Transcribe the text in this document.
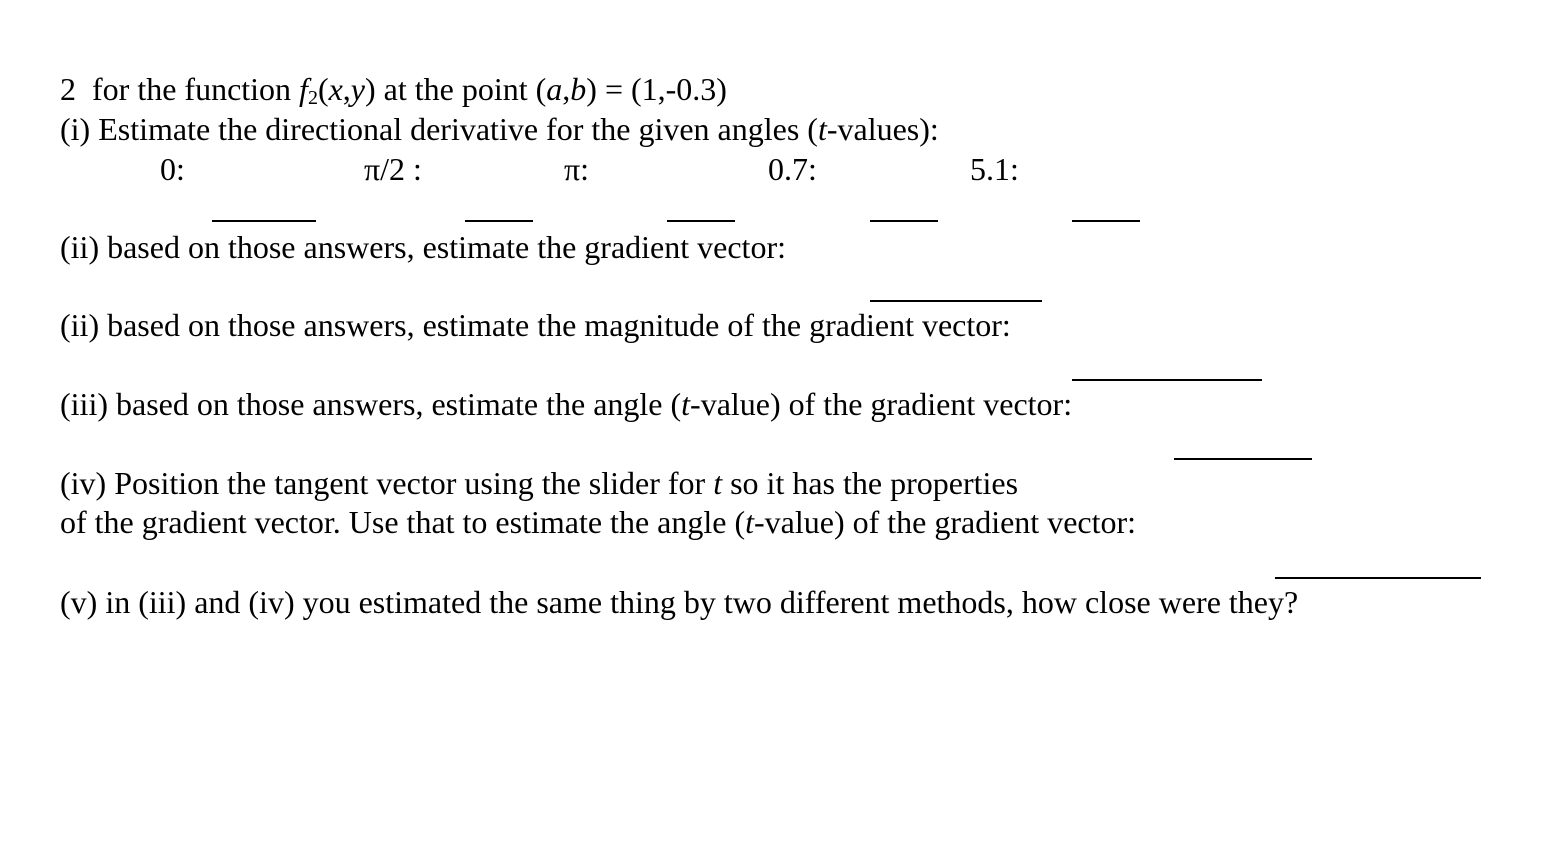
2 for the function $f_2(x,y)$ at the point (a,b) = (1,-0.3)
(i) Estimate the directional derivative for the given angles (t-values):
0:	π/2 :	π:	0.7:	5.1:
(ii) based on those answers, estimate the gradient vector:
(ii) based on those answers, estimate the magnitude of the gradient vector:
(iii) based on those answers, estimate the angle (t-value) of the gradient vector:
(iv) Position the tangent vector using the slider for t so it has the properties
of the gradient vector. Use that to estimate the angle (t-value) of the gradient vector:
(v) in (iii) and (iv) you estimated the same thing by two different methods, how close were they?
